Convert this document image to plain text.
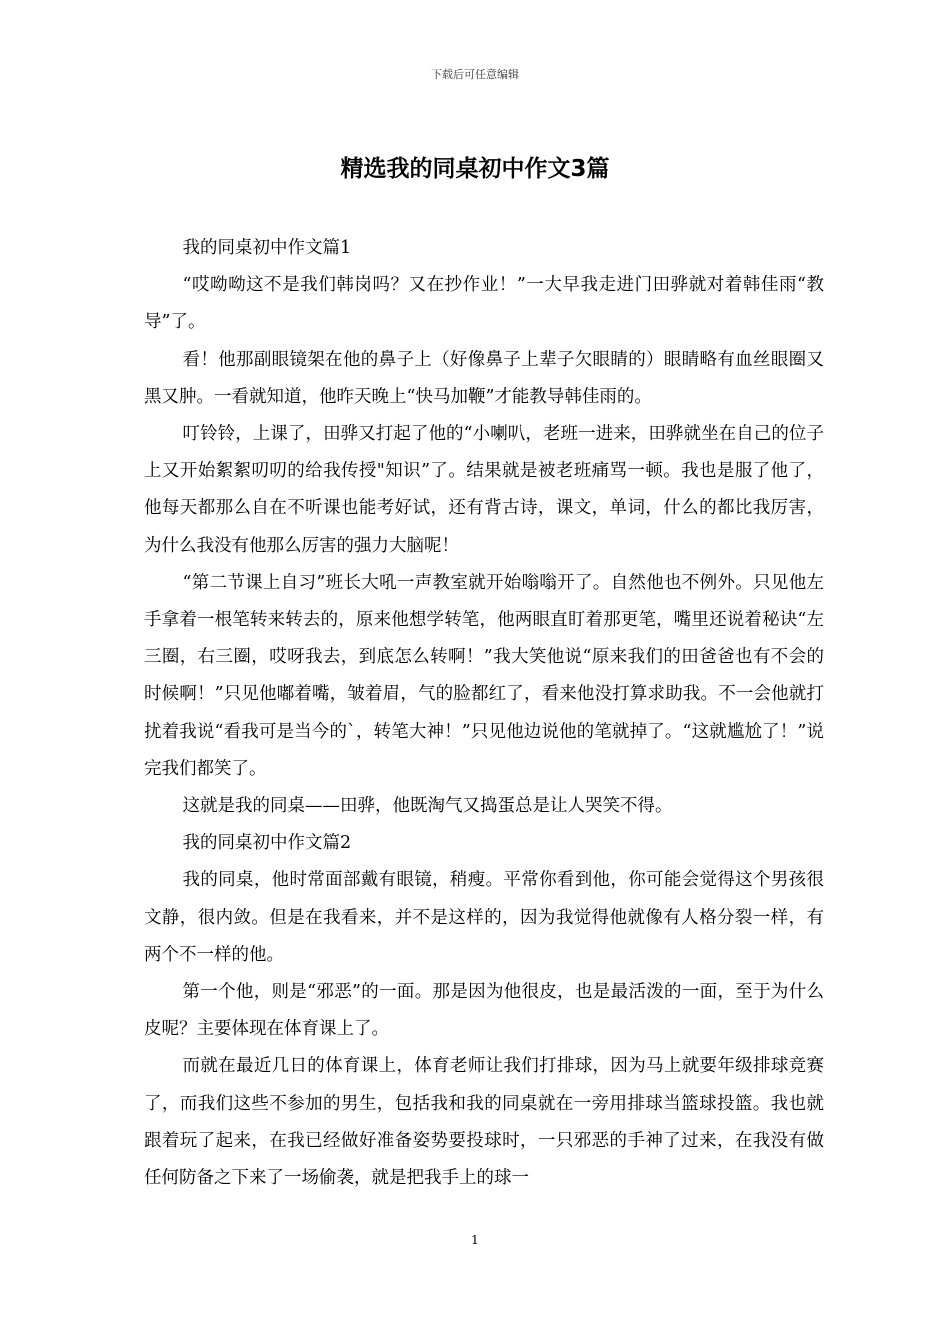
下载后可任意编辑
精选我的同桌初中作文3篇

我的同桌初中作文篇1

“哎呦呦这不是我们韩岗吗？又在抄作业！”一大早我走进门田骅就对着韩佳雨“教导”了。

看！他那副眼镜架在他的鼻子上（好像鼻子上辈子欠眼睛的）眼睛略有血丝眼圈又黑又肿。一看就知道，他昨天晚上“快马加鞭”才能教导韩佳雨的。

叮铃铃，上课了，田骅又打起了他的“小喇叭，老班一进来，田骅就坐在自己的位子上又开始絮絮叨叨的给我传授"知识”了。结果就是被老班痛骂一顿。我也是服了他了，他每天都那么自在不听课也能考好试，还有背古诗，课文，单词，什么的都比我厉害，为什么我没有他那么厉害的强力大脑呢！

“第二节课上自习”班长大吼一声教室就开始嗡嗡开了。自然他也不例外。只见他左手拿着一根笔转来转去的，原来他想学转笔，他两眼直盯着那更笔，嘴里还说着秘诀“左三圈，右三圈，哎呀我去，到底怎么转啊！”我大笑他说“原来我们的田爸爸也有不会的时候啊！”只见他嘟着嘴，皱着眉，气的脸都红了，看来他没打算求助我。不一会他就打扰着我说“看我可是当今的`，转笔大神！”只见他边说他的笔就掉了。“这就尴尬了！”说完我们都笑了。

这就是我的同桌——田骅，他既淘气又捣蛋总是让人哭笑不得。

我的同桌初中作文篇2

我的同桌，他时常面部戴有眼镜，稍瘦。平常你看到他，你可能会觉得这个男孩很文静，很内敛。但是在我看来，并不是这样的，因为我觉得他就像有人格分裂一样，有两个不一样的他。

第一个他，则是“邪恶”的一面。那是因为他很皮，也是最活泼的一面，至于为什么皮呢？主要体现在体育课上了。

而就在最近几日的体育课上，体育老师让我们打排球，因为马上就要年级排球竞赛了，而我们这些不参加的男生，包括我和我的同桌就在一旁用排球当篮球投篮。我也就跟着玩了起来，在我已经做好准备姿势要投球时，一只邪恶的手神了过来，在我没有做任何防备之下来了一场偷袭，就是把我手上的球一

1
